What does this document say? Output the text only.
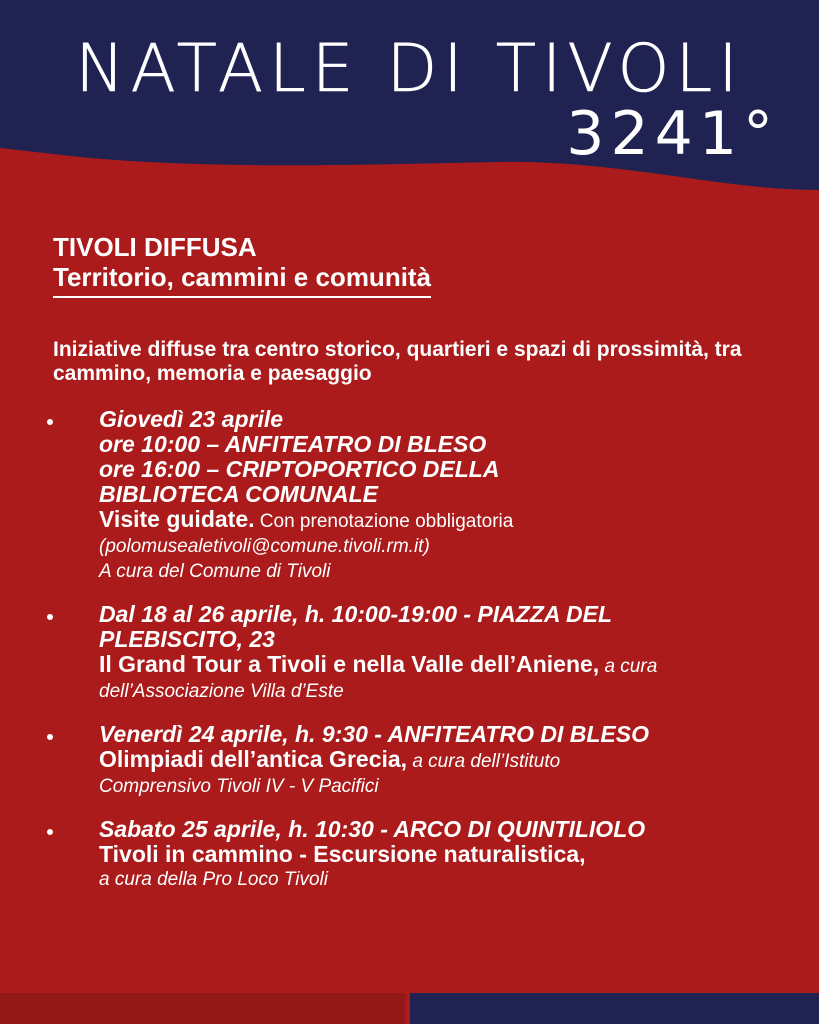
NATALE DI TIVOLI
3241°
TIVOLI DIFFUSA
Territorio, cammini e comunità
Iniziative diffuse tra centro storico, quartieri e spazi di prossimità, tra cammino, memoria e paesaggio
Giovedì 23 aprile
ore 10:00 – ANFITEATRO DI BLESO
ore 16:00 – CRIPTOPORTICO DELLA
BIBLIOTECA COMUNALE
Visite guidate. Con prenotazione obbligatoria
(polomusealetivoli@comune.tivoli.rm.it)
A cura del Comune di Tivoli
Dal 18 al 26 aprile, h. 10:00-19:00 - PIAZZA DEL
PLEBISCITO, 23
Il Grand Tour a Tivoli e nella Valle dell’Aniene, a cura
dell’Associazione Villa d’Este
Venerdì 24 aprile, h. 9:30 - ANFITEATRO DI BLESO
Olimpiadi dell’antica Grecia, a cura dell’Istituto
Comprensivo Tivoli IV - V Pacifici
Sabato 25 aprile, h. 10:30 - ARCO DI QUINTILIOLO
Tivoli in cammino - Escursione naturalistica,
a cura della Pro Loco Tivoli
